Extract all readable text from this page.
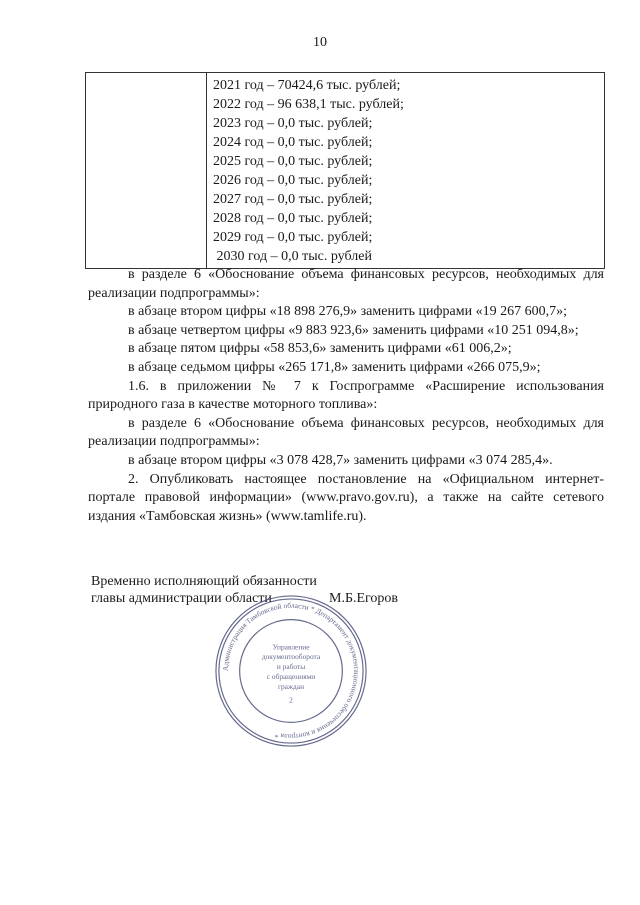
10

2021 год – 70424,6 тыс. рублей;
2022 год – 96 638,1 тыс. рублей;
2023 год – 0,0 тыс. рублей;
2024 год – 0,0 тыс. рублей;
2025 год – 0,0 тыс. рублей;
2026 год – 0,0 тыс. рублей;
2027 год – 0,0 тыс. рублей;
2028 год – 0,0 тыс. рублей;
2029 год – 0,0 тыс. рублей;
2030 год – 0,0 тыс. рублей

в разделе 6 «Обоснование объема финансовых ресурсов, необходимых для реализации подпрограммы»:

в абзаце втором цифры «18 898 276,9» заменить цифрами «19 267 600,7»;

в абзаце четвертом цифры «9 883 923,6» заменить цифрами «10 251 094,8»;

в абзаце пятом цифры «58 853,6» заменить цифрами «61 006,2»;

в абзаце седьмом цифры «265 171,8» заменить цифрами «266 075,9»;

1.6. в приложении № 7 к Госпрограмме «Расширение использования природного газа в качестве моторного топлива»:

в разделе 6 «Обоснование объема финансовых ресурсов, необходимых для реализации подпрограммы»:

в абзаце втором цифры «3 078 428,7» заменить цифрами «3 074 285,4».

2. Опубликовать настоящее постановление на «Официальном интернет-портале правовой информации» (www.pravo.gov.ru), а также на сайте сетевого издания «Тамбовская жизнь» (www.tamlife.ru).

Временно исполняющий обязанности
главы администрации области	М.Б.Егоров
Администрация Тамбовской области * Департамент документационного обеспечения и контроля *
Управление
документооборота
и работы
с обращениями
граждан
2
